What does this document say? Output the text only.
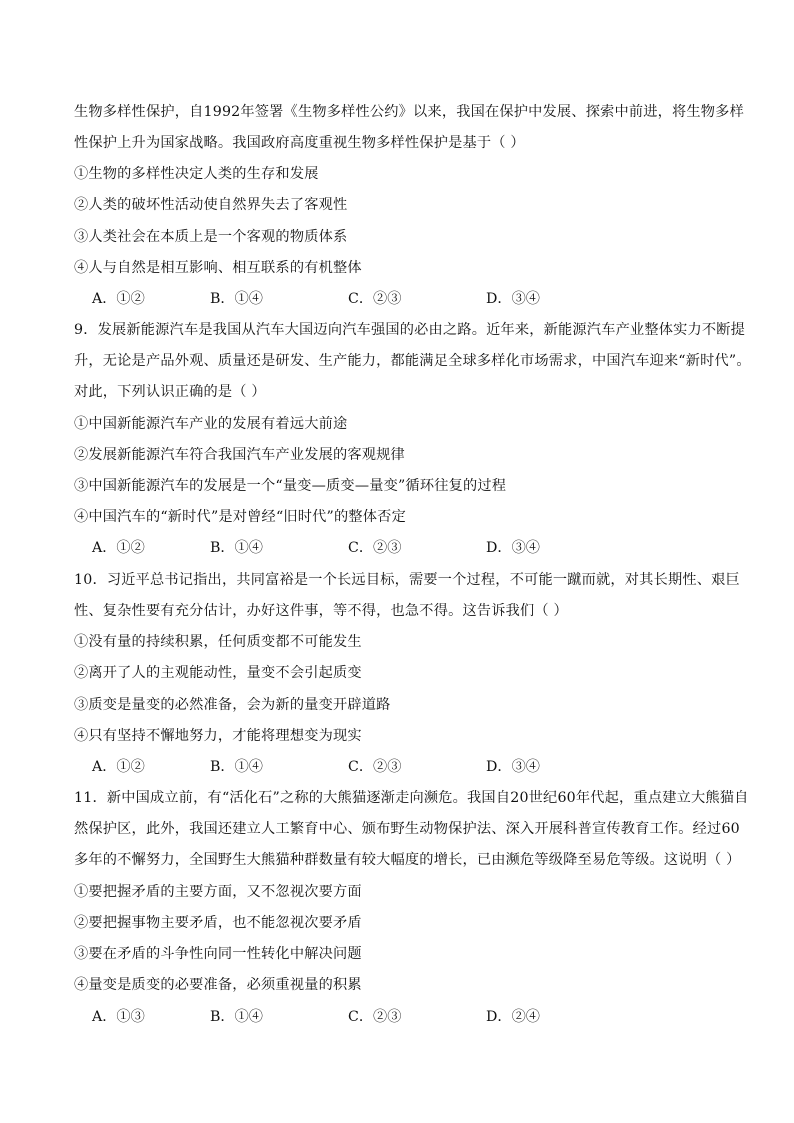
生物多样性保护，自1992年签署《生物多样性公约》以来，我国在保护中发展、探索中前进，将生物多样
性保护上升为国家战略。我国政府高度重视生物多样性保护是基于（ ）
①生物的多样性决定人类的生存和发展
②人类的破坏性活动使自然界失去了客观性
③人类社会在本质上是一个客观的物质体系
④人与自然是相互影响、相互联系的有机整体
A．①②	B．①④	C．②③	D．③④
9．发展新能源汽车是我国从汽车大国迈向汽车强国的必由之路。近年来，新能源汽车产业整体实力不断提
升，无论是产品外观、质量还是研发、生产能力，都能满足全球多样化市场需求，中国汽车迎来“新时代”。
对此，下列认识正确的是（ ）
①中国新能源汽车产业的发展有着远大前途
②发展新能源汽车符合我国汽车产业发展的客观规律
③中国新能源汽车的发展是一个“量变—质变—量变”循环往复的过程
④中国汽车的“新时代”是对曾经“旧时代”的整体否定
A．①②	B．①④	C．②③	D．③④
10．习近平总书记指出，共同富裕是一个长远目标，需要一个过程，不可能一蹴而就，对其长期性、艰巨
性、复杂性要有充分估计，办好这件事，等不得，也急不得。这告诉我们（ ）
①没有量的持续积累，任何质变都不可能发生
②离开了人的主观能动性，量变不会引起质变
③质变是量变的必然准备，会为新的量变开辟道路
④只有坚持不懈地努力，才能将理想变为现实
A．①②	B．①④	C．②③	D．③④
11．新中国成立前，有“活化石”之称的大熊猫逐渐走向濒危。我国自20世纪60年代起，重点建立大熊猫自
然保护区，此外，我国还建立人工繁育中心、颁布野生动物保护法、深入开展科普宣传教育工作。经过60
多年的不懈努力，全国野生大熊猫种群数量有较大幅度的增长，已由濒危等级降至易危等级。这说明（ ）
①要把握矛盾的主要方面，又不忽视次要方面
②要把握事物主要矛盾，也不能忽视次要矛盾
③要在矛盾的斗争性向同一性转化中解决问题
④量变是质变的必要准备，必须重视量的积累
A．①③	B．①④	C．②③	D．②④
